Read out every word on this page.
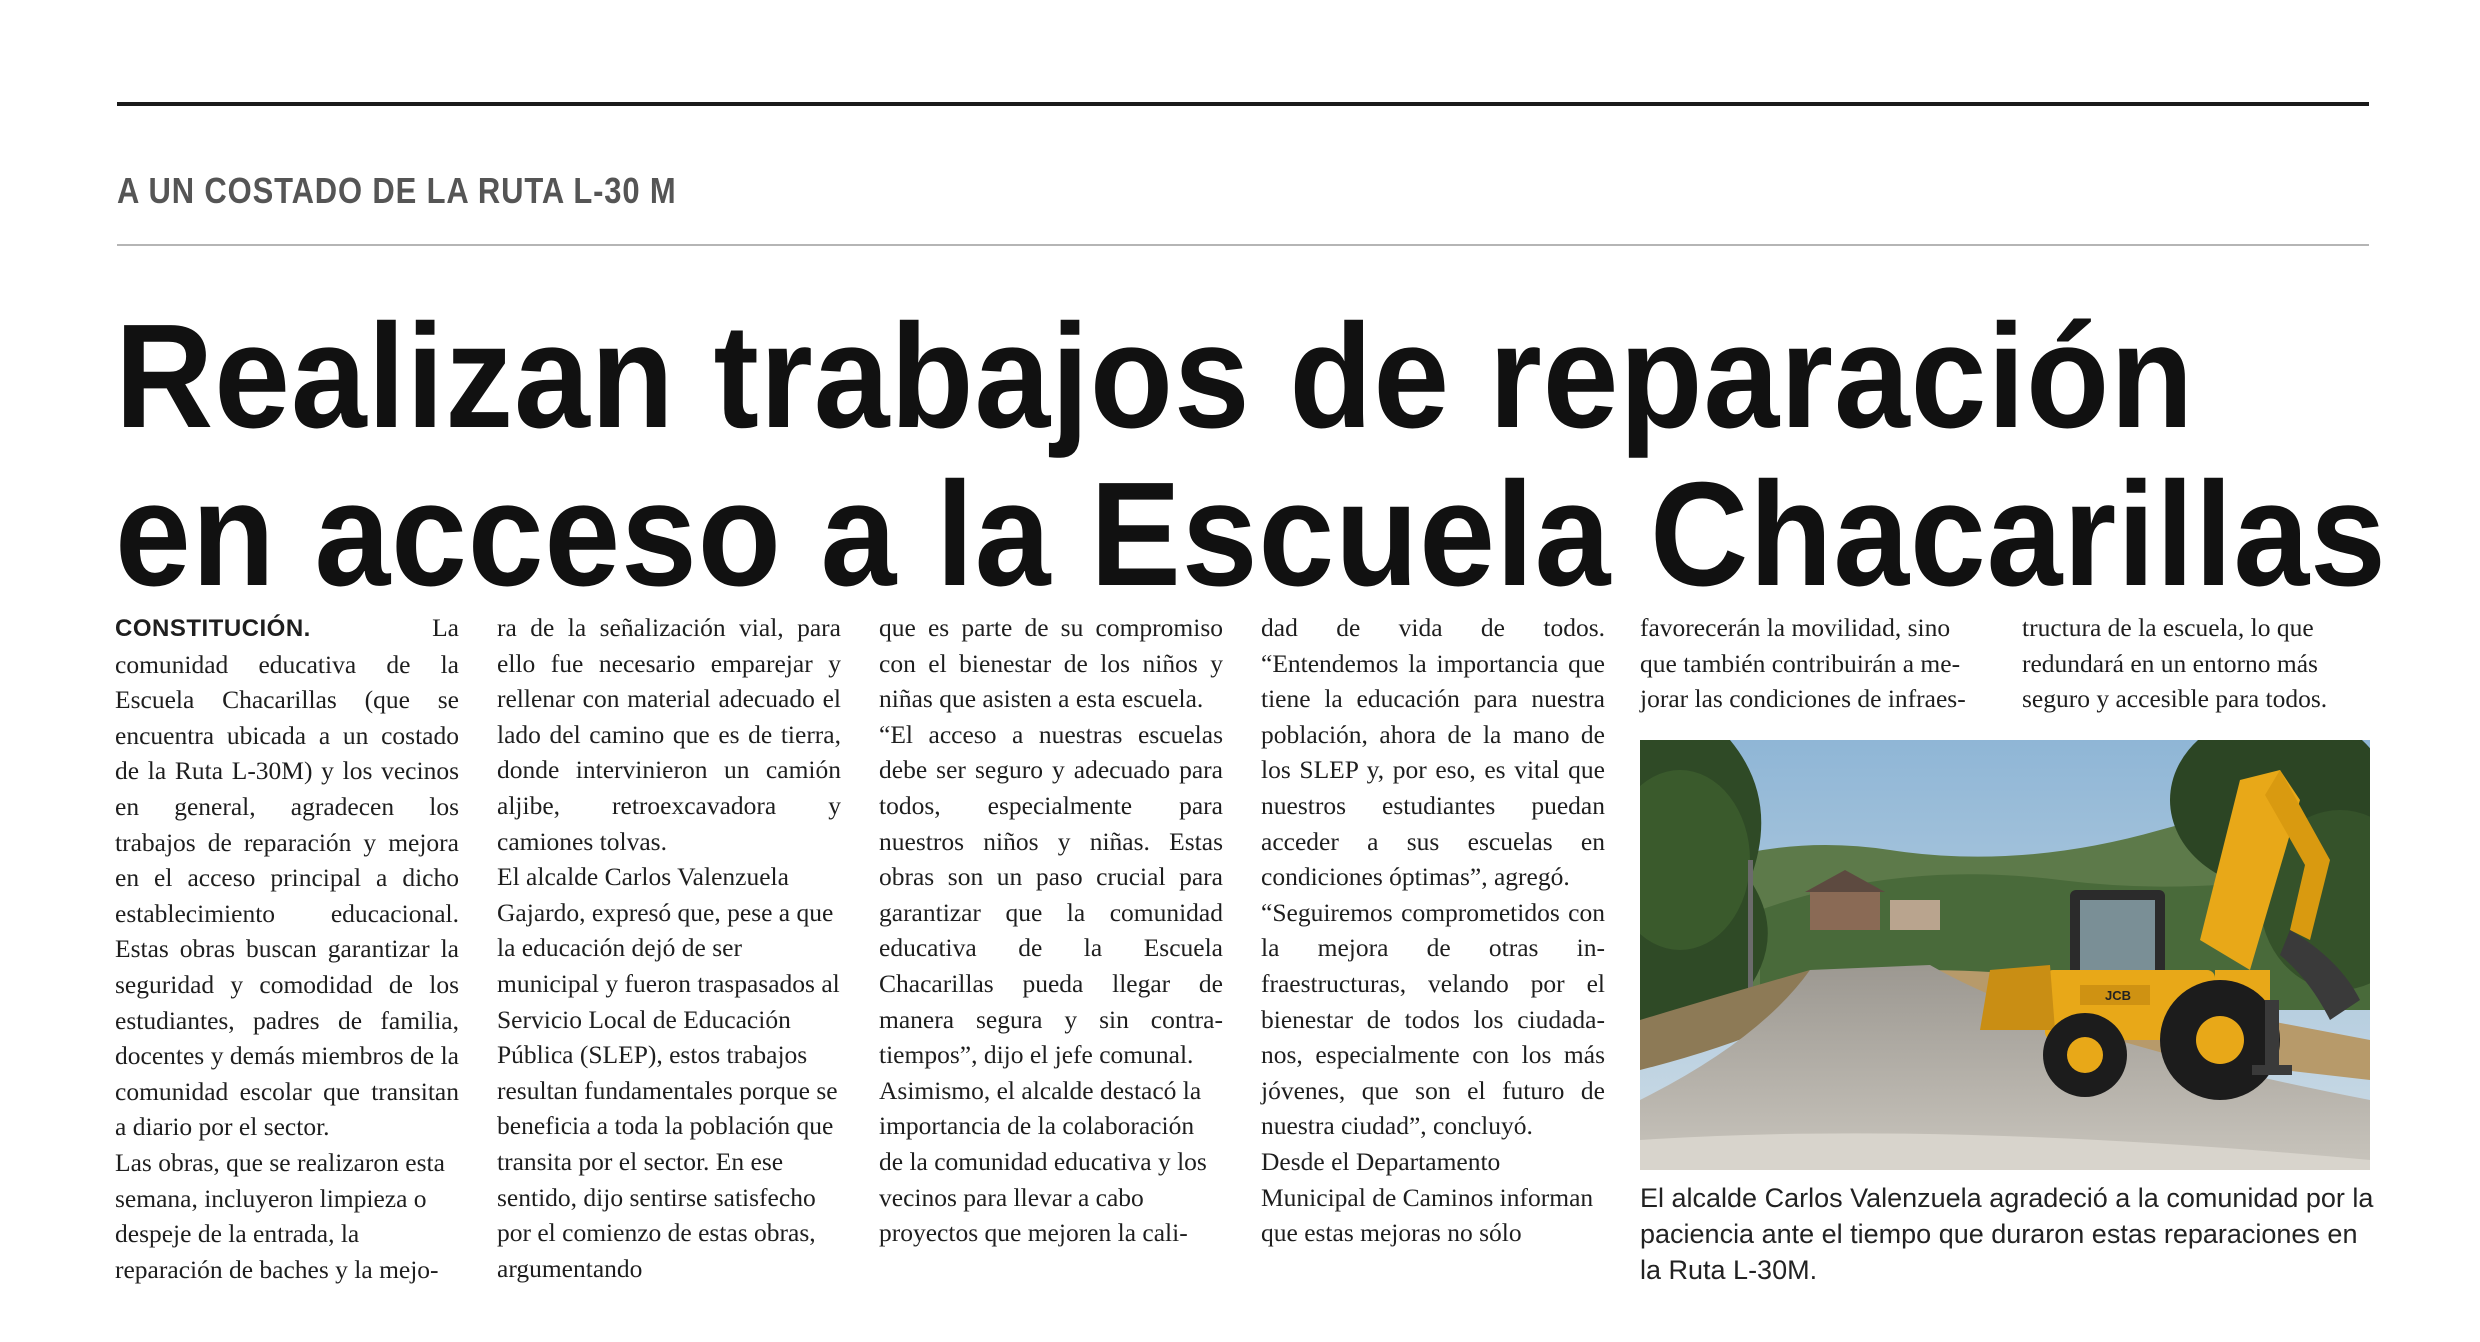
A UN COSTADO DE LA RUTA L-30 M
Realizan trabajos de reparación
en acceso a la Escuela Chacarillas

CONSTITUCIÓN. La comunidad educativa de la Escuela Chacarillas (que se encuentra ubicada a un costado de la Ruta L-30M) y los vecinos en general, agradecen los trabajos de reparación y mejora en el acceso principal a dicho establecimiento educacional. Estas obras buscan garantizar la seguridad y comodidad de los estudiantes, padres de familia, docentes y demás miembros de la comunidad escolar que transitan a diario por el sector.

Las obras, que se realizaron esta semana, incluyeron limpieza o despeje de la entrada, la reparación de baches y la mejo-

ra de la señalización vial, para ello fue necesario emparejar y rellenar con material adecuado el lado del camino que es de tierra, donde intervinieron un camión aljibe, retroexcavadora y camiones tolvas.

El alcalde Carlos Valenzuela Gajardo, expresó que, pese a que la educación dejó de ser municipal y fueron traspasados al Servicio Local de Educación Pública (SLEP), estos trabajos resultan fundamentales porque se beneficia a toda la población que transita por el sector. En ese sentido, dijo sentirse satisfecho por el comienzo de estas obras, argumentando

que es parte de su compromiso con el bienestar de los niños y niñas que asisten a esta escuela.

“El acceso a nuestras escuelas debe ser seguro y adecuado para todos, especialmente para nuestros niños y niñas. Estas obras son un paso crucial para garantizar que la comunidad educativa de la Escuela Chacarillas pueda llegar de manera segura y sin contratiempos”, dijo el jefe comunal.

Asimismo, el alcalde destacó la importancia de la colaboración de la comunidad educativa y los vecinos para llevar a cabo proyectos que mejoren la cali-

dad de vida de todos. “Entendemos la importancia que tiene la educación para nuestra población, ahora de la mano de los SLEP y, por eso, es vital que nuestros estudiantes puedan acceder a sus escuelas en condiciones óptimas”, agregó.

“Seguiremos comprometidos con la mejora de otras infraestructuras, velando por el bienestar de todos los ciudadanos, especialmente con los más jóvenes, que son el futuro de nuestra ciudad”, concluyó.

Desde el Departamento Municipal de Caminos informan que estas mejoras no sólo

favorecerán la movilidad, sino que también contribuirán a mejorar las condiciones de infraes-

tructura de la escuela, lo que redundará en un entorno más seguro y accesible para todos.

JCB

El alcalde Carlos Valenzuela agradeció a la comunidad por la paciencia ante el tiempo que duraron estas reparaciones en la Ruta L-30M.
